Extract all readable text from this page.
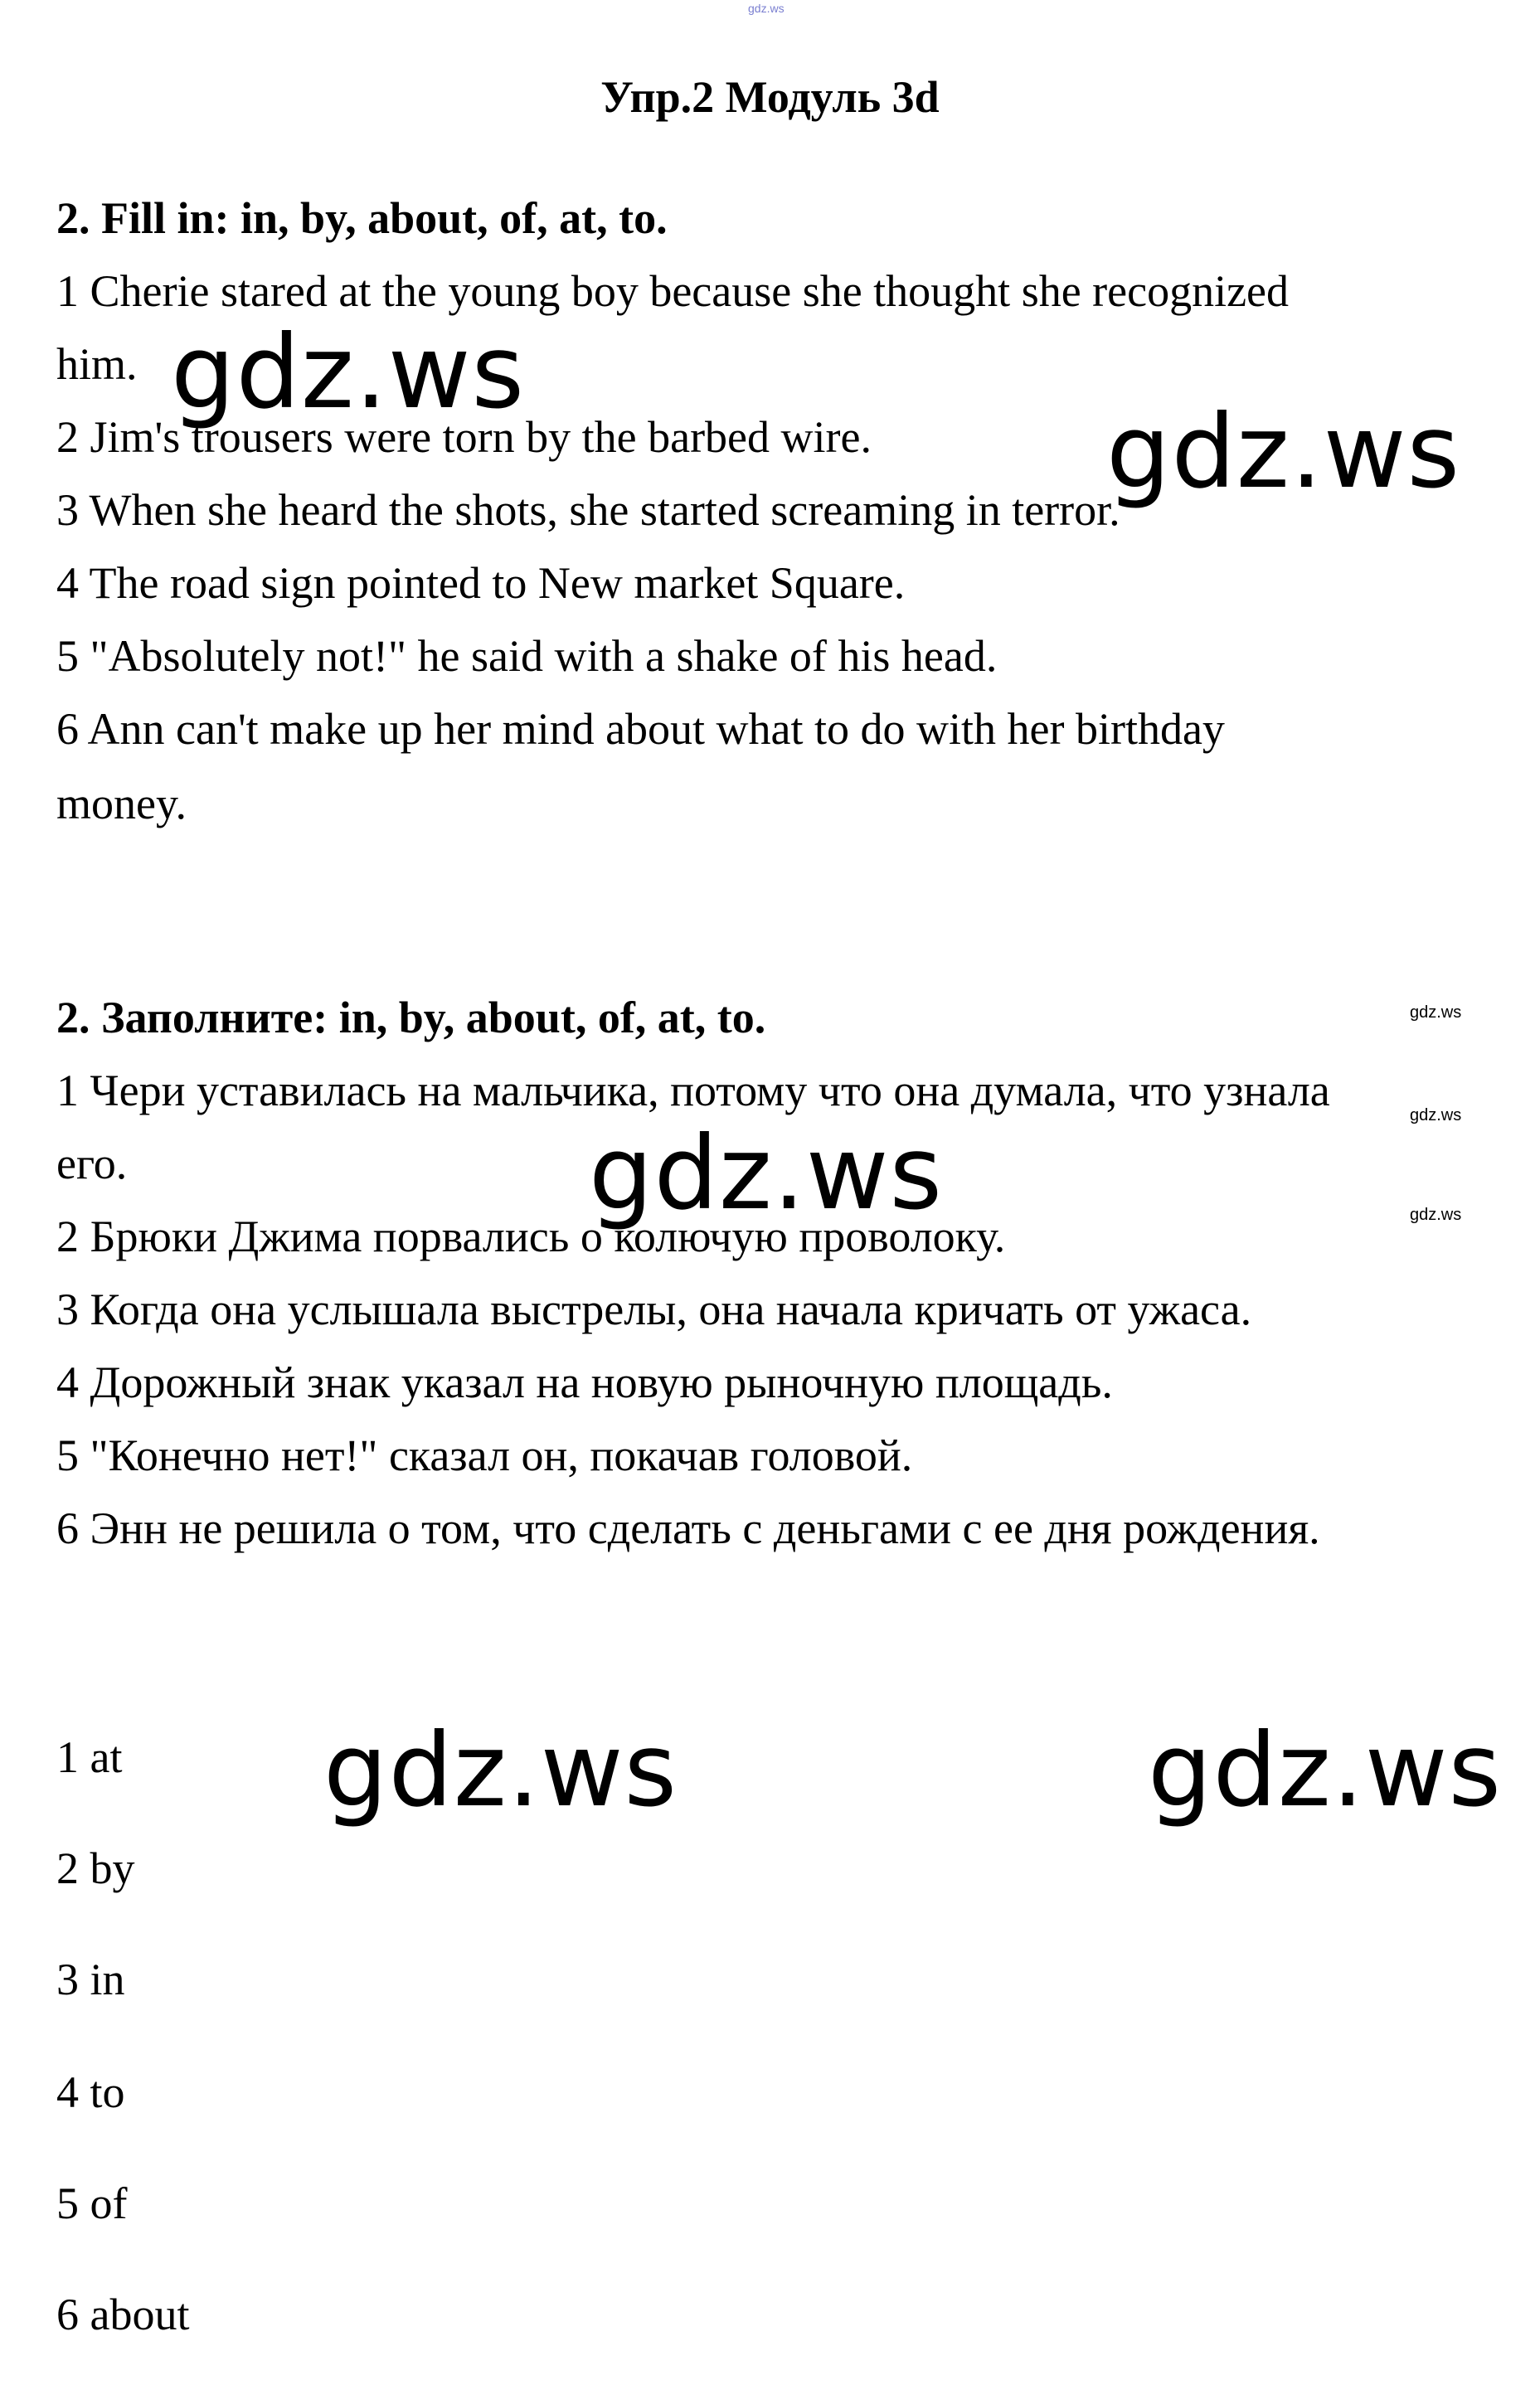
gdz.ws
Упр.2 Модуль 3d
2. Fill in: in, by, about, of, at, to.
1 Cherie stared at the young boy because she thought she recognized
him.
2 Jim's trousers were torn by the barbed wire.
3 When she heard the shots, she started screaming in terror.
4 The road sign pointed to New market Square.
5 "Absolutely not!" he said with a shake of his head.
6 Ann can't make up her mind about what to do with her birthday
money.
2. Заполните: in, by, about, of, at, to.
1 Чери уставилась на мальчика, потому что она думала, что узнала
его.
2 Брюки Джима порвались о колючую проволоку.
3 Когда она услышала выстрелы, она начала кричать от ужаса.
4 Дорожный знак указал на новую рыночную площадь.
5 "Конечно нет!" сказал он, покачав головой.
6 Энн не решила о том, что сделать с деньгами с ее дня рождения.
1 at
2 by
3 in
4 to
5 of
6 about
gdz.ws
gdz.ws
gdz.ws
gdz.ws	gdz.ws
gdz.ws
gdz.ws
gdz.ws
